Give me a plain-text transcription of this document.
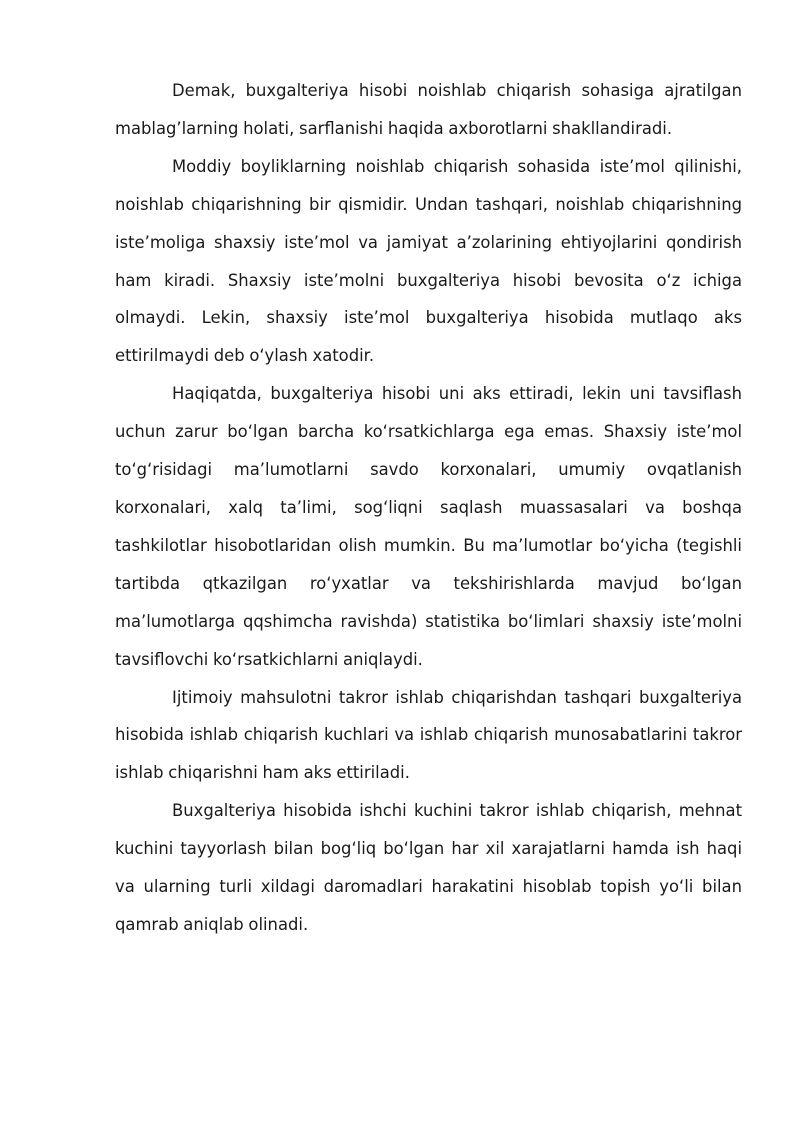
Demak, buxgalteriya hisobi noishlab chiqarish sohasiga ajratilgan mablag’larning holati, sarflanishi haqida axborotlarni shakllandiradi.

Moddiy boyliklarning noishlab chiqarish sohasida iste’mol qilinishi, noishlab chiqarishning bir qismidir. Undan tashqari, noishlab chiqarishning iste’moliga shaxsiy iste’mol va jamiyat a’zolarining ehtiyojlarini qondirish ham kiradi. Shaxsiy iste’molni buxgalteriya hisobi bevosita o‘z ichiga olmaydi. Lekin, shaxsiy iste’mol buxgalteriya hisobida mutlaqo aks ettirilmaydi deb o‘ylash xatodir.

Haqiqatda, buxgalteriya hisobi uni aks ettiradi, lekin uni tavsiflash uchun zarur bo‘lgan barcha ko‘rsatkichlarga ega emas. Shaxsiy iste’mol to‘g‘risidagi ma’lumotlarni savdo korxonalari, umumiy ovqatlanish korxonalari, xalq ta’limi, sog‘liqni saqlash muassasalari va boshqa tashkilotlar hisobotlaridan olish mumkin. Bu ma’lumotlar bo‘yicha (tegishli tartibda qtkazilgan ro‘yxatlar va tekshirishlarda mavjud bo‘lgan ma’lumotlarga qqshimcha ravishda) statistika bo‘limlari shaxsiy iste’molni tavsiflovchi ko‘rsatkichlarni aniqlaydi.

Ijtimoiy mahsulotni takror ishlab chiqarishdan tashqari buxgalteriya hisobida ishlab chiqarish kuchlari va ishlab chiqarish munosabatlarini takror ishlab chiqarishni ham aks ettiriladi.

Buxgalteriya hisobida ishchi kuchini takror ishlab chiqarish, mehnat kuchini tayyorlash bilan bog‘liq bo‘lgan har xil xarajatlarni hamda ish haqi va ularning turli xildagi daromadlari harakatini hisoblab topish yo‘li bilan qamrab aniqlab olinadi.
